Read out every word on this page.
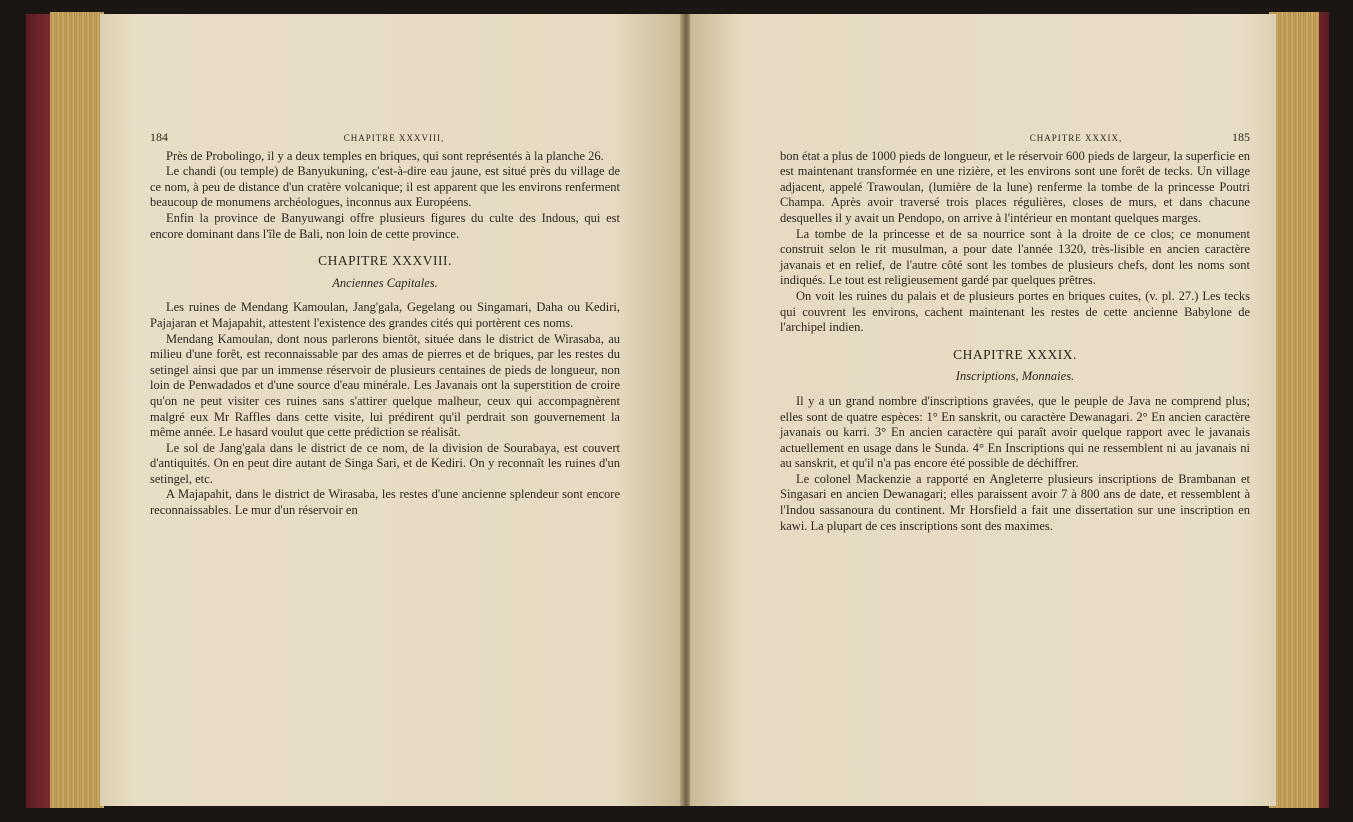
184	CHAPITRE XXXVIII,

Près de Probolingo, il y a deux temples en briques, qui sont représentés à la planche 26.

Le chandi (ou temple) de Banyukuning, c'est-à-dire eau jaune, est situé près du village de ce nom, à peu de distance d'un cratère volcanique; il est apparent que les environs renferment beaucoup de monumens archéologues, inconnus aux Européens.

Enfin la province de Banyuwangi offre plusieurs figures du culte des Indous, qui est encore dominant dans l'île de Bali, non loin de cette province.

CHAPITRE XXXVIII.
Anciennes Capitales.

Les ruines de Mendang Kamoulan, Jang'gala, Gegelang ou Singamari, Daha ou Kediri, Pajajaran et Majapahit, attestent l'existence des grandes cités qui portèrent ces noms.

Mendang Kamoulan, dont nous parlerons bientôt, située dans le district de Wirasaba, au milieu d'une forêt, est reconnaissable par des amas de pierres et de briques, par les restes du setingel ainsi que par un immense réservoir de plusieurs centaines de pieds de longueur, non loin de Penwadados et d'une source d'eau minérale. Les Javanais ont la superstition de croire qu'on ne peut visiter ces ruines sans s'attirer quelque malheur, ceux qui accompagnèrent malgré eux Mr Raffles dans cette visite, lui prédirent qu'il perdrait son gouvernement la même année. Le hasard voulut que cette prédiction se réalisât.

Le sol de Jang'gala dans le district de ce nom, de la division de Sourabaya, est couvert d'antiquités. On en peut dire autant de Singa Sari, et de Kediri. On y reconnaît les ruines d'un setingel, etc.

A Majapahit, dans le district de Wirasaba, les restes d'une ancienne splendeur sont encore reconnaissables. Le mur d'un réservoir en

CHAPITRE XXXIX,	185

bon état a plus de 1000 pieds de longueur, et le réservoir 600 pieds de largeur, la superficie en est maintenant transformée en une rizière, et les environs sont une forêt de tecks. Un village adjacent, appelé Trawoulan, (lumière de la lune) renferme la tombe de la princesse Poutri Champa. Après avoir traversé trois places régulières, closes de murs, et dans chacune desquelles il y avait un Pendopo, on arrive à l'intérieur en montant quelques marges.

La tombe de la princesse et de sa nourrice sont à la droite de ce clos; ce monument construit selon le rit musulman, a pour date l'année 1320, très-lisible en ancien caractère javanais et en relief, de l'autre côté sont les tombes de plusieurs chefs, dont les noms sont indiqués. Le tout est religieusement gardé par quelques prêtres.

On voit les ruines du palais et de plusieurs portes en briques cuites, (v. pl. 27.) Les tecks qui couvrent les environs, cachent maintenant les restes de cette ancienne Babylone de l'archipel indien.

CHAPITRE XXXIX.
Inscriptions, Monnaies.

Il y a un grand nombre d'inscriptions gravées, que le peuple de Java ne comprend plus; elles sont de quatre espèces: 1° En sanskrit, ou caractère Dewanagari. 2° En ancien caractère javanais ou karri. 3° En ancien caractère qui paraît avoir quelque rapport avec le javanais actuellement en usage dans le Sunda. 4° En Inscriptions qui ne ressemblent ni au javanais ni au sanskrit, et qu'il n'a pas encore été possible de déchiffrer.

Le colonel Mackenzie a rapporté en Angleterre plusieurs inscriptions de Brambanan et Singasari en ancien Dewanagari; elles paraissent avoir 7 à 800 ans de date, et ressemblent à l'Indou sassanoura du continent. Mr Horsfield a fait une dissertation sur une inscription en kawi. La plupart de ces inscriptions sont des maximes.
